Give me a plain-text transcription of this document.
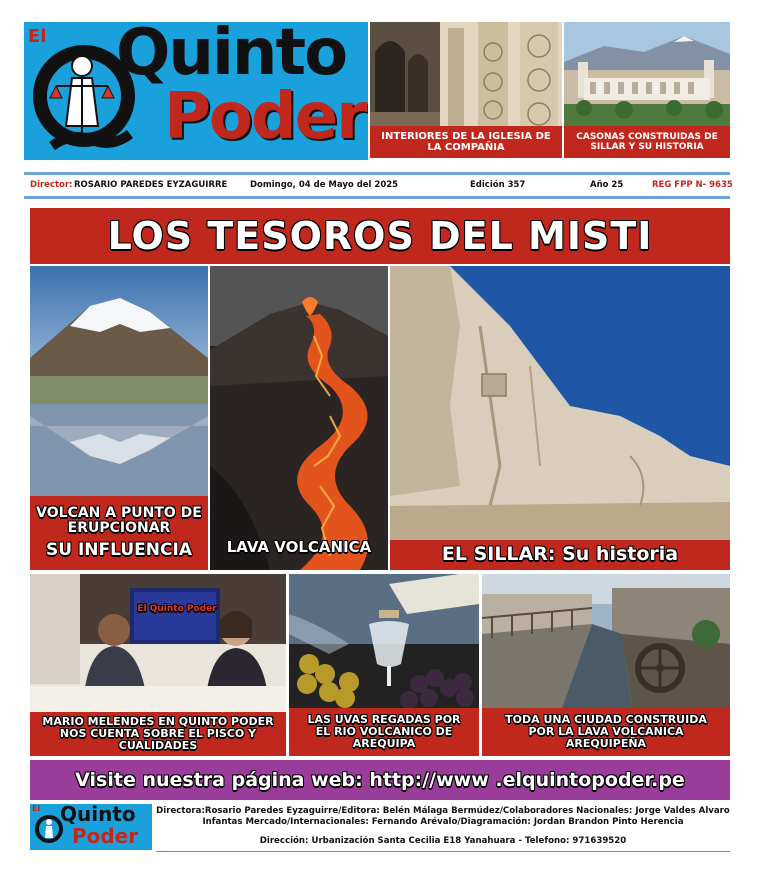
El Quinto
Poder	INTERIORES DE LA IGLESIA DE LA COMPAÑIA
CASONAS CONSTRUIDAS DE SILLAR Y SU HISTORIA
Director: ROSARIO PAREDES EYZAGUIRRE	Domingo, 04 de Mayo del 2025	Edición 357	Año 25	REG FPP N- 9635
LOS TESOROS DEL MISTI
VOLCAN A PUNTO DE ERUPCIONAR
SU INFLUENCIA	LAVA VOLCANICA	EL SILLAR: Su historia
El Quinto Poder
MARIO MELENDES EN QUINTO PODER NOS CUENTA SOBRE EL PISCO Y CUALIDADES
LAS UVAS REGADAS POR EL RIO VOLCANICO DE AREQUIPA
TODA UNA CIUDAD CONSTRUIDA POR LA LAVA VOLCANICA AREQUIPEÑA
Visite nuestra página web: http://www .elquintopoder.pe
El Quinto
Poder
Directora:Rosario Paredes Eyzaguirre/Editora: Belén Málaga Bermúdez/Colaboradores Nacionales: Jorge Valdes Alvaro
Infantas Mercado/Internacionales: Fernando Arévalo/Diagramación: Jordan Brandon Pinto Herencia
Dirección: Urbanización Santa Cecilia E18 Yanahuara - Telefono: 971639520
